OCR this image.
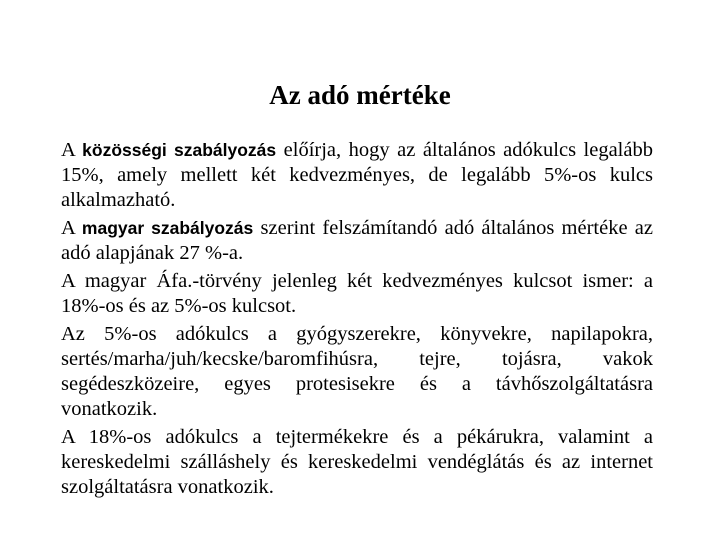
Az adó mértéke

A közösségi szabályozás előírja, hogy az általános adókulcs legalább 15%, amely mellett két kedvezményes, de legalább 5%-os kulcs alkalmazható.

A magyar szabályozás szerint felszámítandó adó általános mértéke az adó alapjának 27 %-a.

A magyar Áfa.-törvény jelenleg két kedvezményes kulcsot ismer: a 18%-os és az 5%-os kulcsot.

Az 5%-os adókulcs a gyógyszerekre, könyvekre, napilapokra, sertés/marha/juh/kecske/baromfihúsra, tejre, tojásra, vakok segédeszközeire, egyes protesisekre és a távhőszolgáltatásra vonatkozik.

A 18%-os adókulcs a tejtermékekre és a pékárukra, valamint a kereskedelmi szálláshely és kereskedelmi vendéglátás és az internet szolgáltatásra vonatkozik.
